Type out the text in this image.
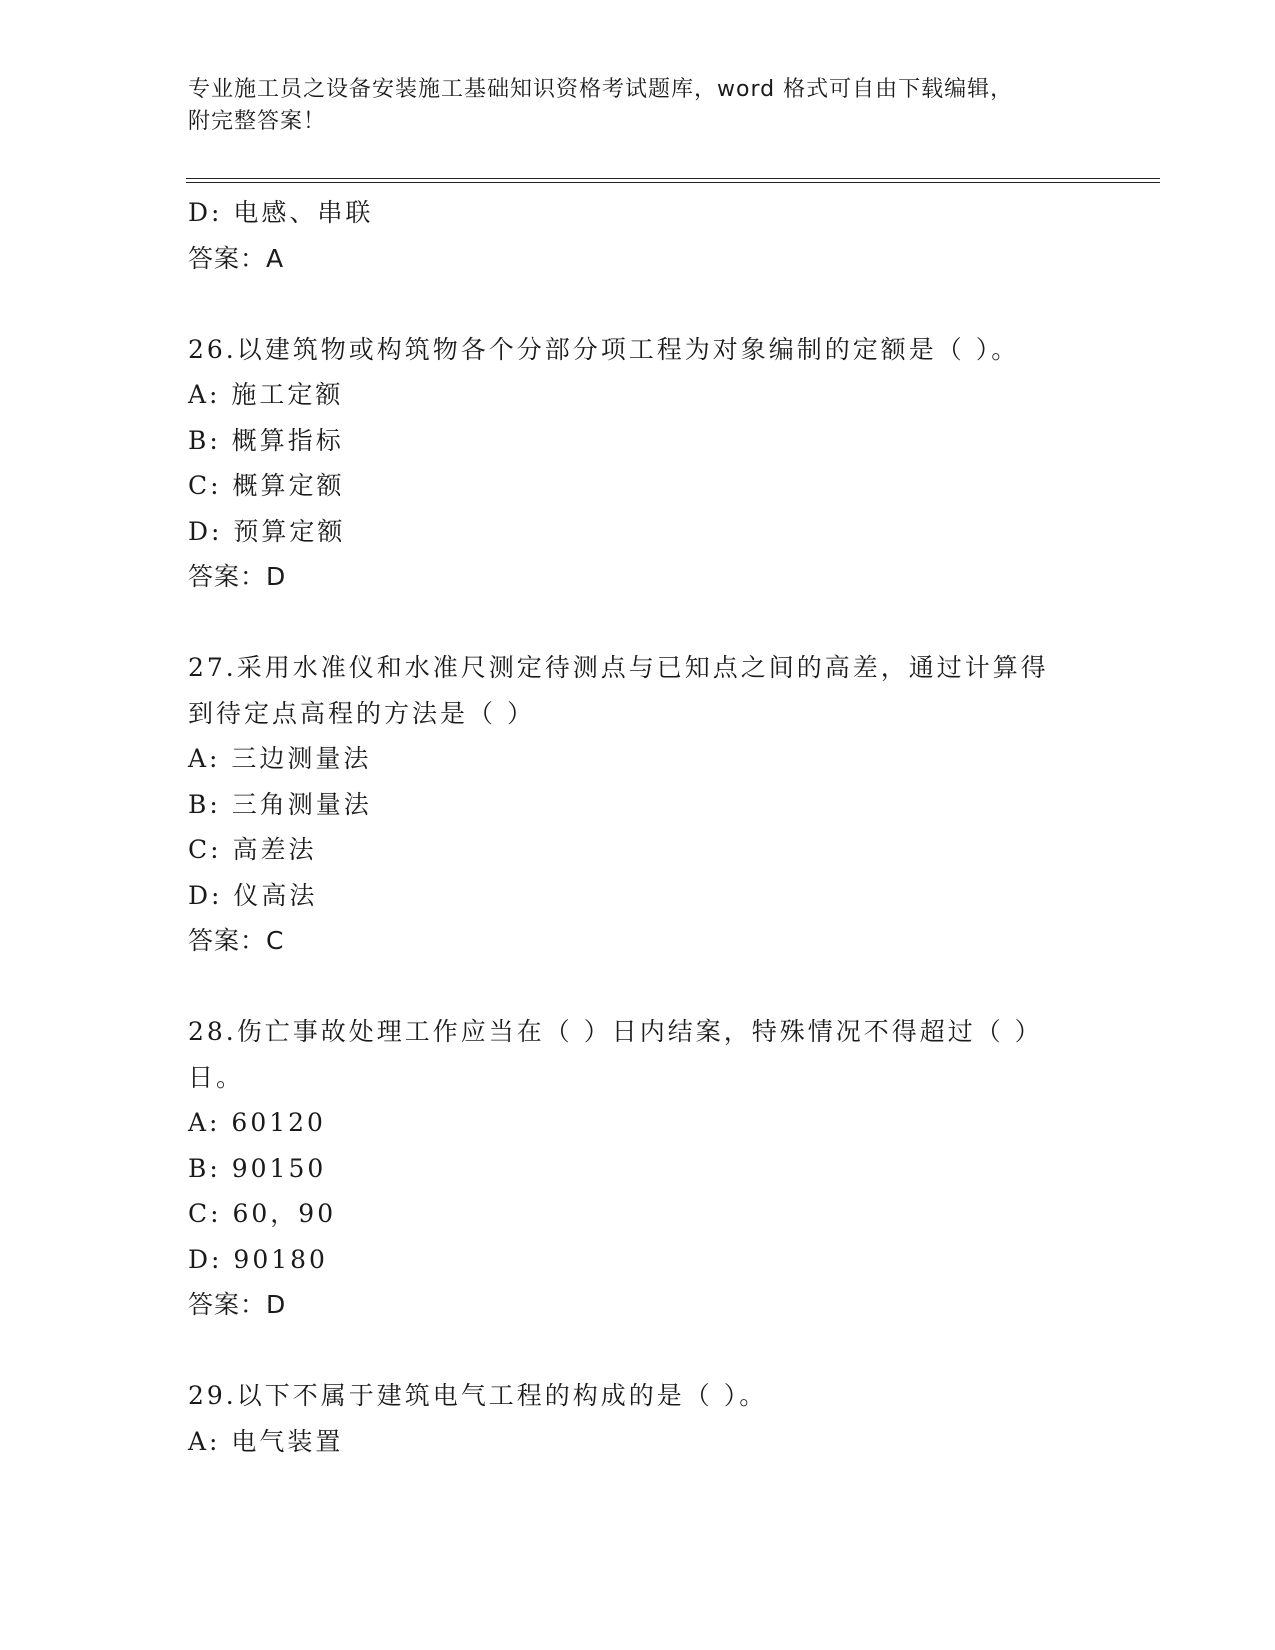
专业施工员之设备安装施工基础知识资格考试题库，word 格式可自由下载编辑，
附完整答案！
D: 电感、串联
答案：A
26.以建筑物或构筑物各个分部分项工程为对象编制的定额是（ ）。
A: 施工定额
B: 概算指标
C: 概算定额
D: 预算定额
答案：D
27.采用水准仪和水准尺测定待测点与已知点之间的高差，通过计算得
到待定点高程的方法是（ ）
A: 三边测量法
B: 三角测量法
C: 高差法
D: 仪高法
答案：C
28.伤亡事故处理工作应当在（ ）日内结案，特殊情况不得超过（ ）
日。
A: 60120
B: 90150
C: 60，90
D: 90180
答案：D
29.以下不属于建筑电气工程的构成的是（ ）。
A: 电气装置
